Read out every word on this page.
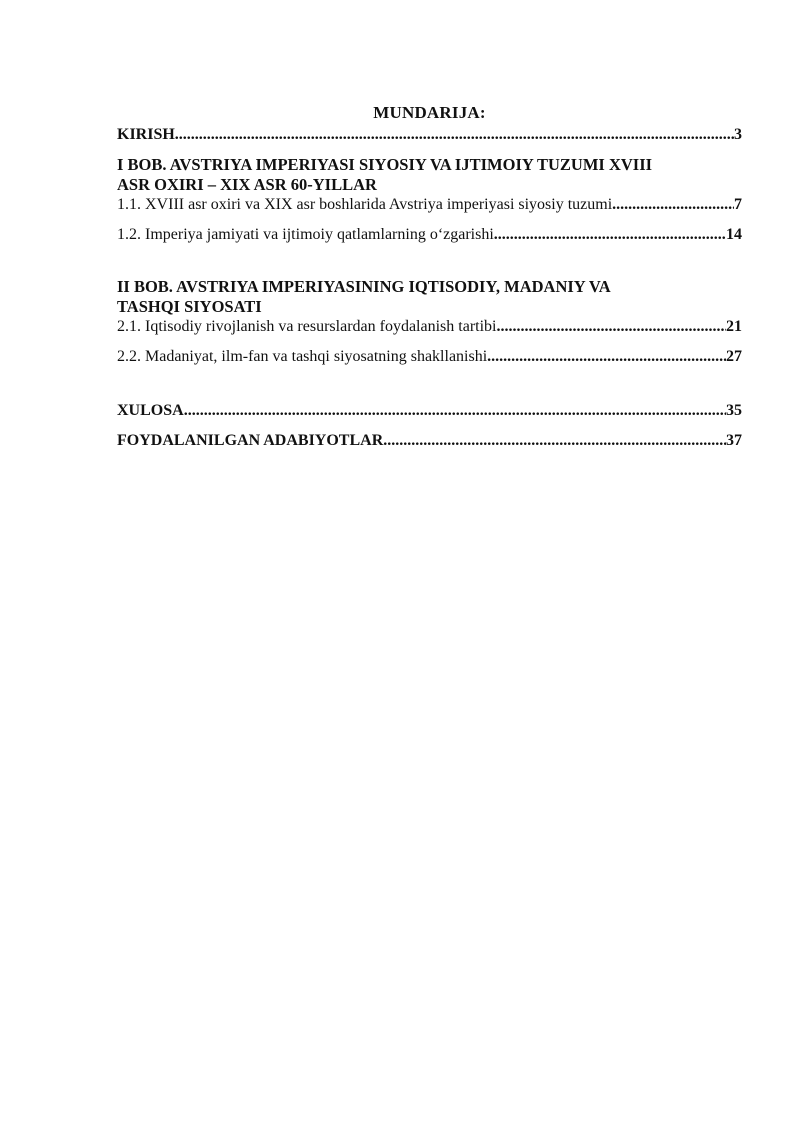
MUNDARIJA:
KIRISH .....	3
I BOB. AVSTRIYA IMPERIYASI SIYOSIY VA IJTIMOIY TUZUMI XVIII
ASR OXIRI – XIX ASR 60-YILLAR
1.1. XVIII asr oxiri va XIX asr boshlarida Avstriya imperiyasi siyosiy tuzumi .....	7
1.2. Imperiya jamiyati va ijtimoiy qatlamlarning oʻzgarishi .....	14
II BOB. AVSTRIYA IMPERIYASINING IQTISODIY, MADANIY VA
TASHQI SIYOSATI
2.1. Iqtisodiy rivojlanish va resurslardan foydalanish tartibi .....	21
2.2. Madaniyat, ilm-fan va tashqi siyosatning shakllanishi .....	27
XULOSA .....	35
FOYDALANILGAN ADABIYOTLAR .....	37
